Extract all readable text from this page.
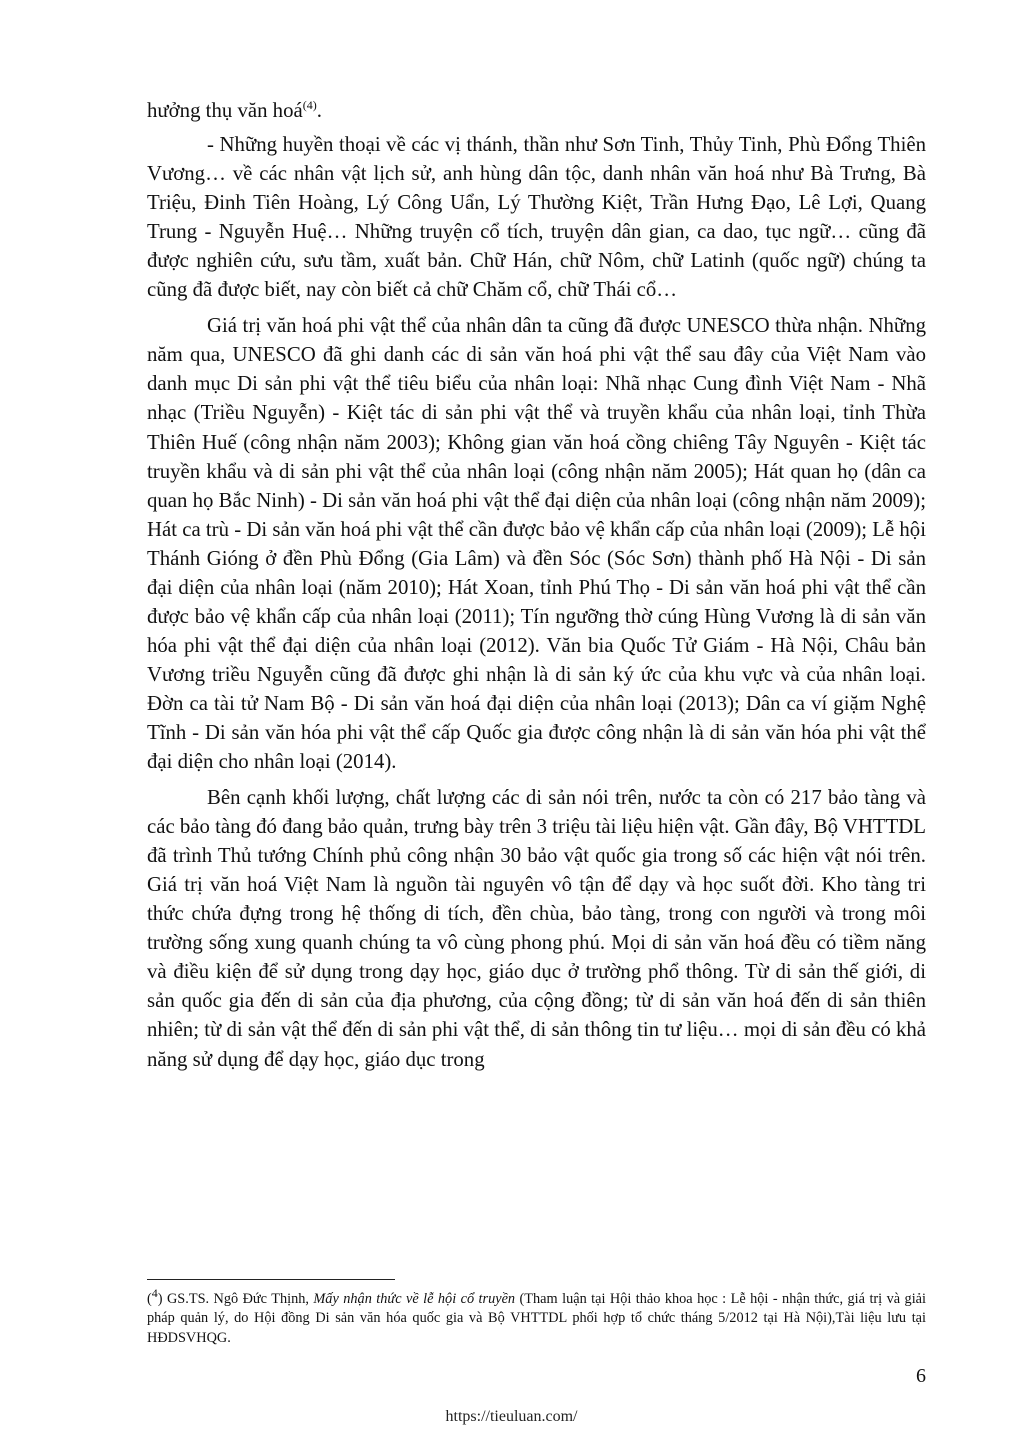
hưởng thụ văn hoá$^{(4)}$.

- Những huyền thoại về các vị thánh, thần như Sơn Tinh, Thủy Tinh, Phù Đổng Thiên Vương… về các nhân vật lịch sử, anh hùng dân tộc, danh nhân văn hoá như Bà Trưng, Bà Triệu, Đinh Tiên Hoàng, Lý Công Uẩn, Lý Thường Kiệt, Trần Hưng Đạo, Lê Lợi, Quang Trung - Nguyễn Huệ… Những truyện cổ tích, truyện dân gian, ca dao, tục ngữ… cũng đã được nghiên cứu, sưu tầm, xuất bản. Chữ Hán, chữ Nôm, chữ Latinh (quốc ngữ) chúng ta cũng đã được biết, nay còn biết cả chữ Chăm cổ, chữ Thái cổ…

Giá trị văn hoá phi vật thể của nhân dân ta cũng đã được UNESCO thừa nhận. Những năm qua, UNESCO đã ghi danh các di sản văn hoá phi vật thể sau đây của Việt Nam vào danh mục Di sản phi vật thể tiêu biểu của nhân loại: Nhã nhạc Cung đình Việt Nam - Nhã nhạc (Triều Nguyễn) - Kiệt tác di sản phi vật thể và truyền khẩu của nhân loại, tỉnh Thừa Thiên Huế (công nhận năm 2003); Không gian văn hoá cồng chiêng Tây Nguyên - Kiệt tác truyền khẩu và di sản phi vật thể của nhân loại (công nhận năm 2005); Hát quan họ (dân ca quan họ Bắc Ninh) - Di sản văn hoá phi vật thể đại diện của nhân loại (công nhận năm 2009); Hát ca trù - Di sản văn hoá phi vật thể cần được bảo vệ khẩn cấp của nhân loại (2009); Lễ hội Thánh Gióng ở đền Phù Đổng (Gia Lâm) và đền Sóc (Sóc Sơn) thành phố Hà Nội - Di sản đại diện của nhân loại (năm 2010); Hát Xoan, tỉnh Phú Thọ - Di sản văn hoá phi vật thể cần được bảo vệ khẩn cấp của nhân loại (2011); Tín ngưỡng thờ cúng Hùng Vương là di sản văn hóa phi vật thể đại diện của nhân loại (2012). Văn bia Quốc Tử Giám - Hà Nội, Châu bản Vương triều Nguyễn cũng đã được ghi nhận là di sản ký ức của khu vực và của nhân loại. Đờn ca tài tử Nam Bộ - Di sản văn hoá đại diện của nhân loại (2013); Dân ca ví giặm Nghệ Tĩnh - Di sản văn hóa phi vật thể cấp Quốc gia được công nhận là di sản văn hóa phi vật thể đại diện cho nhân loại (2014).

Bên cạnh khối lượng, chất lượng các di sản nói trên, nước ta còn có 217 bảo tàng và các bảo tàng đó đang bảo quản, trưng bày trên 3 triệu tài liệu hiện vật. Gần đây, Bộ VHTTDL đã trình Thủ tướng Chính phủ công nhận 30 bảo vật quốc gia trong số các hiện vật nói trên. Giá trị văn hoá Việt Nam là nguồn tài nguyên vô tận để dạy và học suốt đời. Kho tàng tri thức chứa đựng trong hệ thống di tích, đền chùa, bảo tàng, trong con người và trong môi trường sống xung quanh chúng ta vô cùng phong phú. Mọi di sản văn hoá đều có tiềm năng và điều kiện để sử dụng trong dạy học, giáo dục ở trường phổ thông. Từ di sản thế giới, di sản quốc gia đến di sản của địa phương, của cộng đồng; từ di sản văn hoá đến di sản thiên nhiên; từ di sản vật thể đến di sản phi vật thể, di sản thông tin tư liệu… mọi di sản đều có khả năng sử dụng để dạy học, giáo dục trong

($^4$) GS.TS. Ngô Đức Thịnh, Mấy nhận thức về lễ hội cổ truyền (Tham luận tại Hội thảo khoa học : Lễ hội - nhận thức, giá trị và giải pháp quản lý, do Hội đồng Di sản văn hóa quốc gia và Bộ VHTTDL phối hợp tổ chức tháng 5/2012 tại Hà Nội),Tài liệu lưu tại HĐDSVHQG.
6
https://tieuluan.com/
